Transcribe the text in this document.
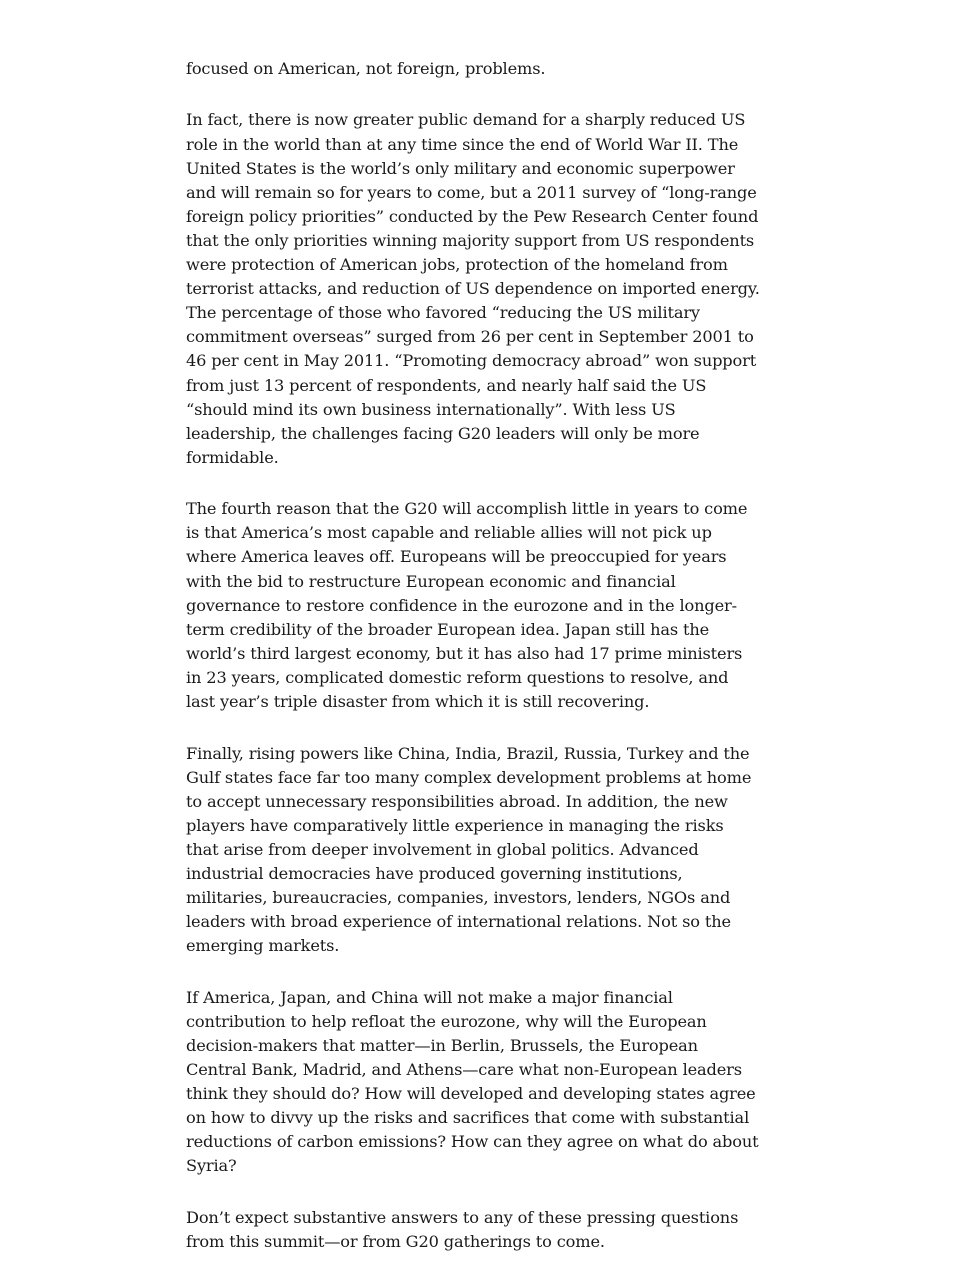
focused on American, not foreign, problems.

In fact, there is now greater public demand for a sharply reduced US role in the world than at any time since the end of World War II. The United States is the world’s only military and economic superpower and will remain so for years to come, but a 2011 survey of “long-range foreign policy priorities” conducted by the Pew Research Center found that the only priorities winning majority support from US respondents were protection of American jobs, protection of the homeland from terrorist attacks, and reduction of US dependence on imported energy. The percentage of those who favored “reducing the US military commitment overseas” surged from 26 per cent in September 2001 to 46 per cent in May 2011. “Promoting democracy abroad” won support from just 13 percent of respondents, and nearly half said the US “should mind its own business internationally”. With less US leadership, the challenges facing G20 leaders will only be more formidable.

The fourth reason that the G20 will accomplish little in years to come is that America’s most capable and reliable allies will not pick up where America leaves off. Europeans will be preoccupied for years with the bid to restructure European economic and financial governance to restore confidence in the eurozone and in the longer-term credibility of the broader European idea. Japan still has the world’s third largest economy, but it has also had 17 prime ministers in 23 years, complicated domestic reform questions to resolve, and last year’s triple disaster from which it is still recovering.

Finally, rising powers like China, India, Brazil, Russia, Turkey and the Gulf states face far too many complex development problems at home to accept unnecessary responsibilities abroad. In addition, the new players have comparatively little experience in managing the risks that arise from deeper involvement in global politics. Advanced industrial democracies have produced governing institutions, militaries, bureaucracies, companies, investors, lenders, NGOs and leaders with broad experience of international relations. Not so the emerging markets.

If America, Japan, and China will not make a major financial contribution to help refloat the eurozone, why will the European decision-makers that matter—in Berlin, Brussels, the European Central Bank, Madrid, and Athens—care what non-European leaders think they should do? How will developed and developing states agree on how to divvy up the risks and sacrifices that come with substantial reductions of carbon emissions? How can they agree on what do about Syria?

Don’t expect substantive answers to any of these pressing questions from this summit—or from G20 gatherings to come.
